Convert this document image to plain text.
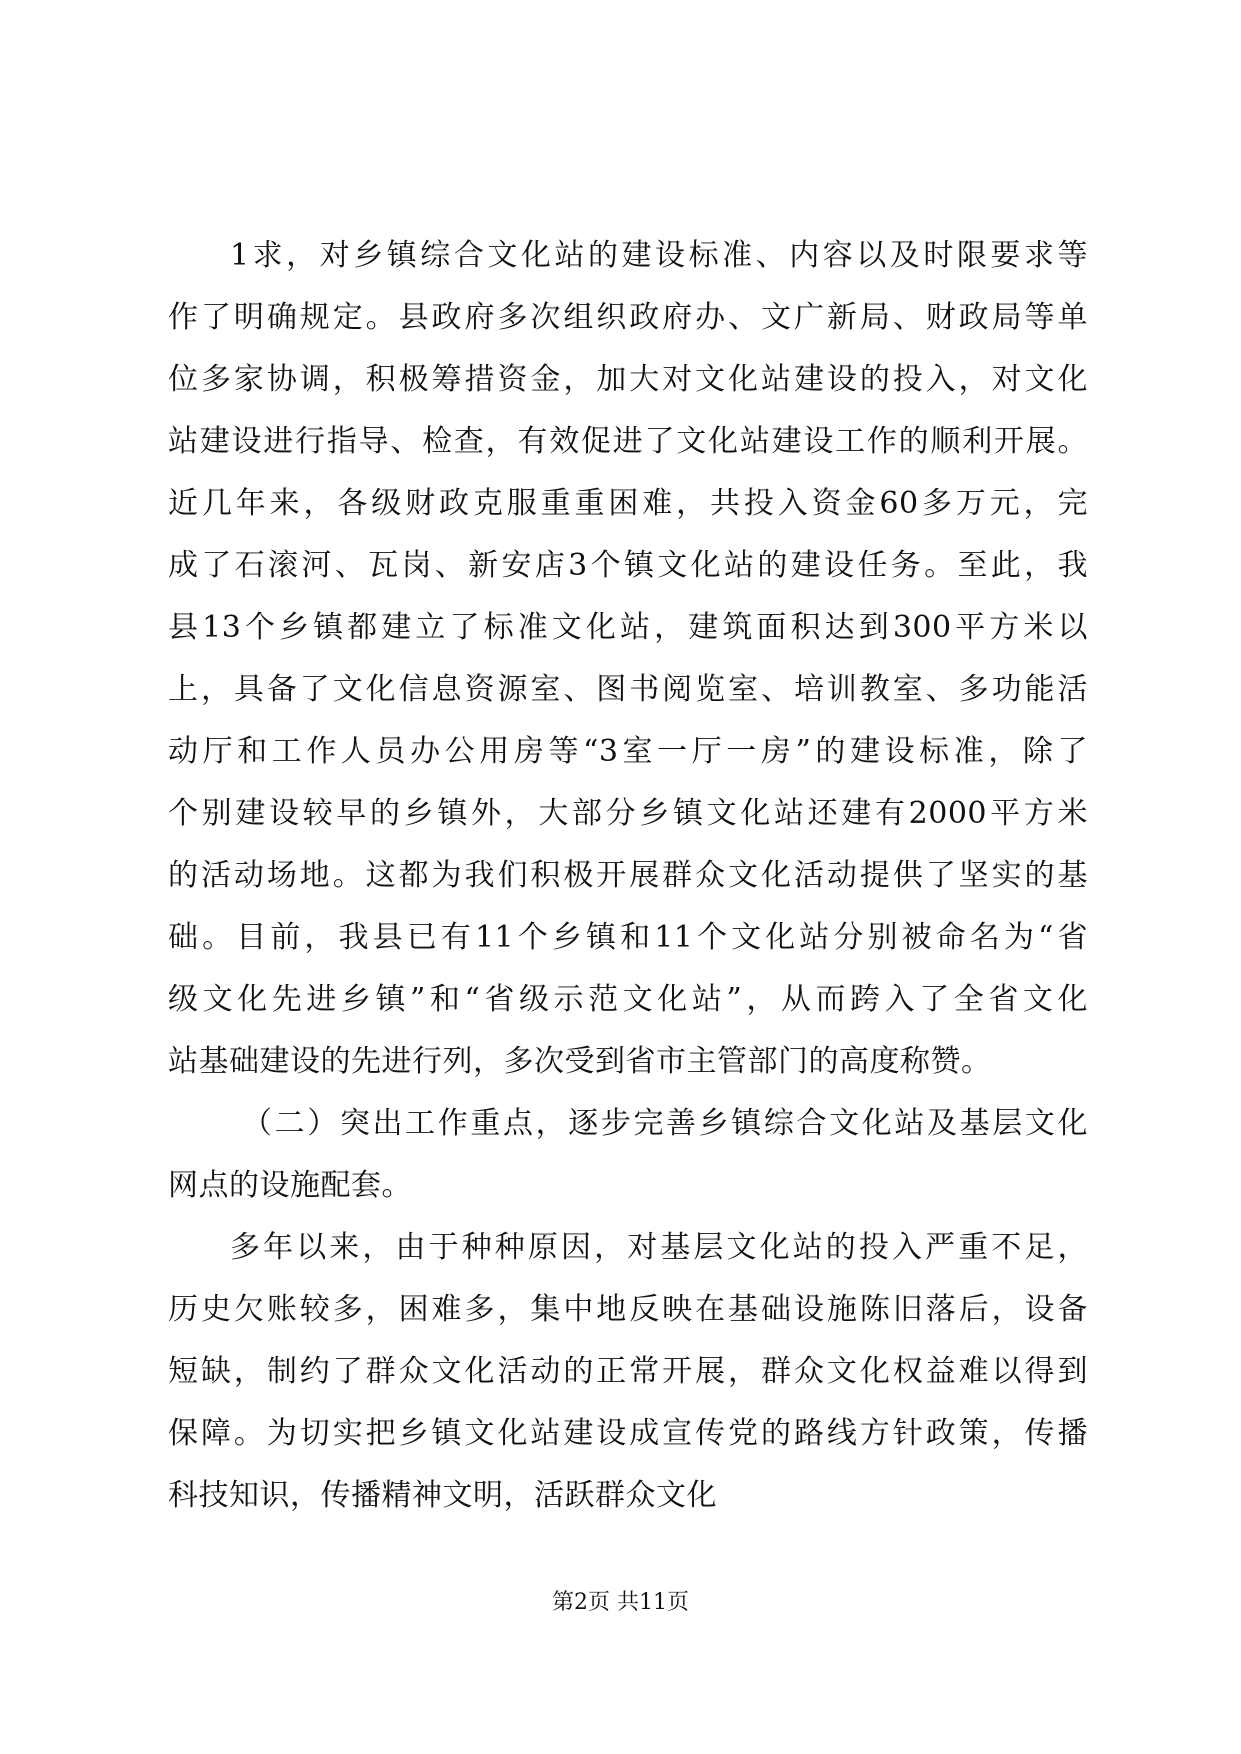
1求，对乡镇综合文化站的建设标准、内容以及时限要求等
作了明确规定。县政府多次组织政府办、文广新局、财政局等单
位多家协调，积极筹措资金，加大对文化站建设的投入，对文化
站建设进行指导、检查，有效促进了文化站建设工作的顺利开展。
近几年来，各级财政克服重重困难，共投入资金60多万元，完
成了石滚河、瓦岗、新安店3个镇文化站的建设任务。至此，我
县13个乡镇都建立了标准文化站，建筑面积达到300平方米以
上，具备了文化信息资源室、图书阅览室、培训教室、多功能活
动厅和工作人员办公用房等“3室一厅一房”的建设标准，除了
个别建设较早的乡镇外，大部分乡镇文化站还建有2000平方米
的活动场地。这都为我们积极开展群众文化活动提供了坚实的基
础。目前，我县已有11个乡镇和11个文化站分别被命名为“省
级文化先进乡镇”和“省级示范文化站”，从而跨入了全省文化
站基础建设的先进行列，多次受到省市主管部门的高度称赞。
（二）突出工作重点，逐步完善乡镇综合文化站及基层文化
网点的设施配套。
多年以来，由于种种原因，对基层文化站的投入严重不足，
历史欠账较多，困难多，集中地反映在基础设施陈旧落后，设备
短缺，制约了群众文化活动的正常开展，群众文化权益难以得到
保障。为切实把乡镇文化站建设成宣传党的路线方针政策，传播
科技知识，传播精神文明，活跃群众文化
第2页 共11页
